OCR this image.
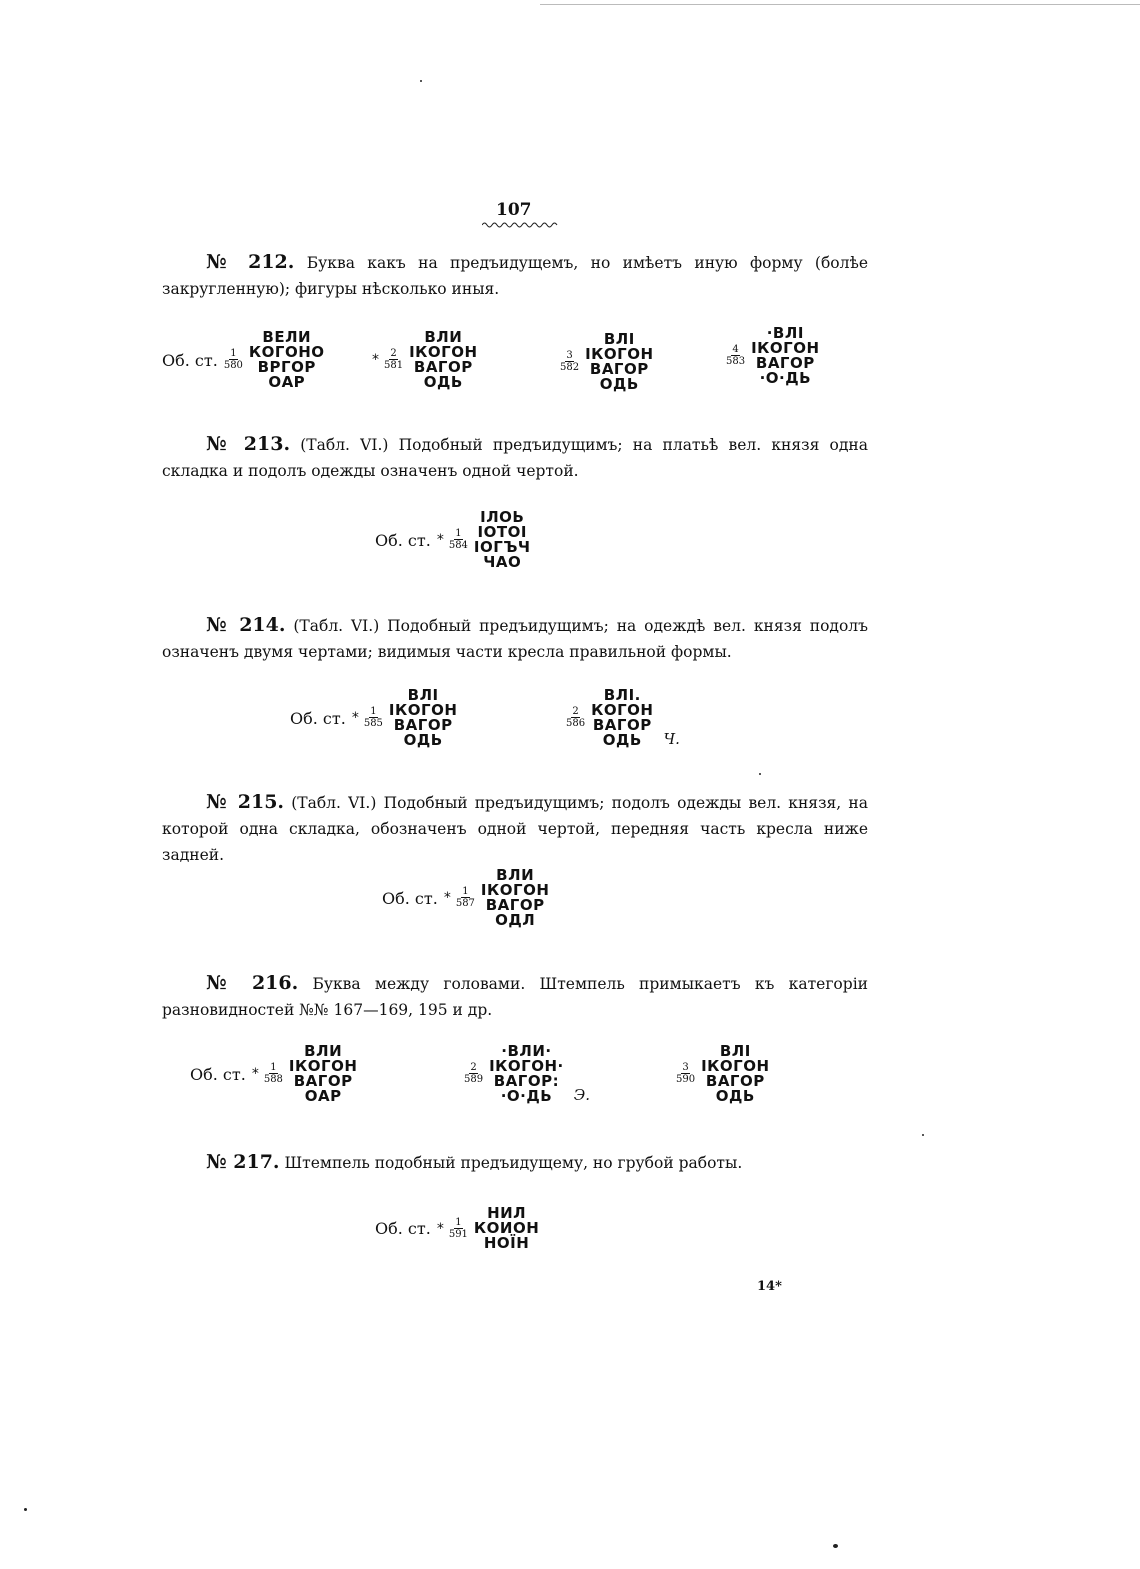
107
№ 212. Буква какъ на предъидущемъ, но имѣетъ иную форму (болѣе закругленную); фигуры нѣсколько иныя.
Об. ст. $\frac{1}{580}$
ВЕЛИ
КОГОНО
ВРГОР
ОАР
* $\frac{2}{581}$
ВЛИ
ІКОГОН
ВАГОР
ОДЬ
$\frac{3}{582}$
ВЛІ
ІКОГОН
ВАГОР
ОДЬ
$\frac{4}{583}$
·ВЛІ
ІКОГОН
ВАГОР
·О·ДЬ
№ 213. (Табл. VI.) Подобный предъидущимъ; на платьѣ вел. князя одна складка и подолъ одежды означенъ одной чертой.
Об. ст. * $\frac{1}{584}$
ІЛОЬ
ІОТОІ
ІОГЪЧ
ЧАО
№ 214. (Табл. VI.) Подобный предъидущимъ; на одеждѣ вел. князя подолъ означенъ двумя чертами; видимыя части кресла правильной формы.
Об. ст. * $\frac{1}{585}$
ВЛІ
ІКОГОН
ВАГОР
ОДЬ
$\frac{2}{586}$
ВЛІ.
КОГОН
ВАГОР
ОДЬ Ч.
№ 215. (Табл. VI.) Подобный предъидущимъ; подолъ одежды вел. князя, на которой одна складка, обозначенъ одной чертой, передняя часть кресла ниже задней.
Об. ст. * $\frac{1}{587}$
ВЛИ
ІКОГОН
ВАГОР
ОДЛ
№ 216. Буква между головами. Штемпель примыкаетъ къ категоріи разновидностей №№ 167—169, 195 и др.
Об. ст. * $\frac{1}{588}$
ВЛИ
ІКОГОН
ВАГОР
ОАР
$\frac{2}{589}$
·ВЛИ·
ІКОГОН·
ВАГОР:
·О·ДЬ Э.
$\frac{3}{590}$
ВЛІ
ІКОГОН
ВАГОР
ОДЬ
№ 217. Штемпель подобный предъидущему, но грубой работы.
Об. ст. * $\frac{1}{591}$
НИЛ
КОИОН
НОЇН
14*
